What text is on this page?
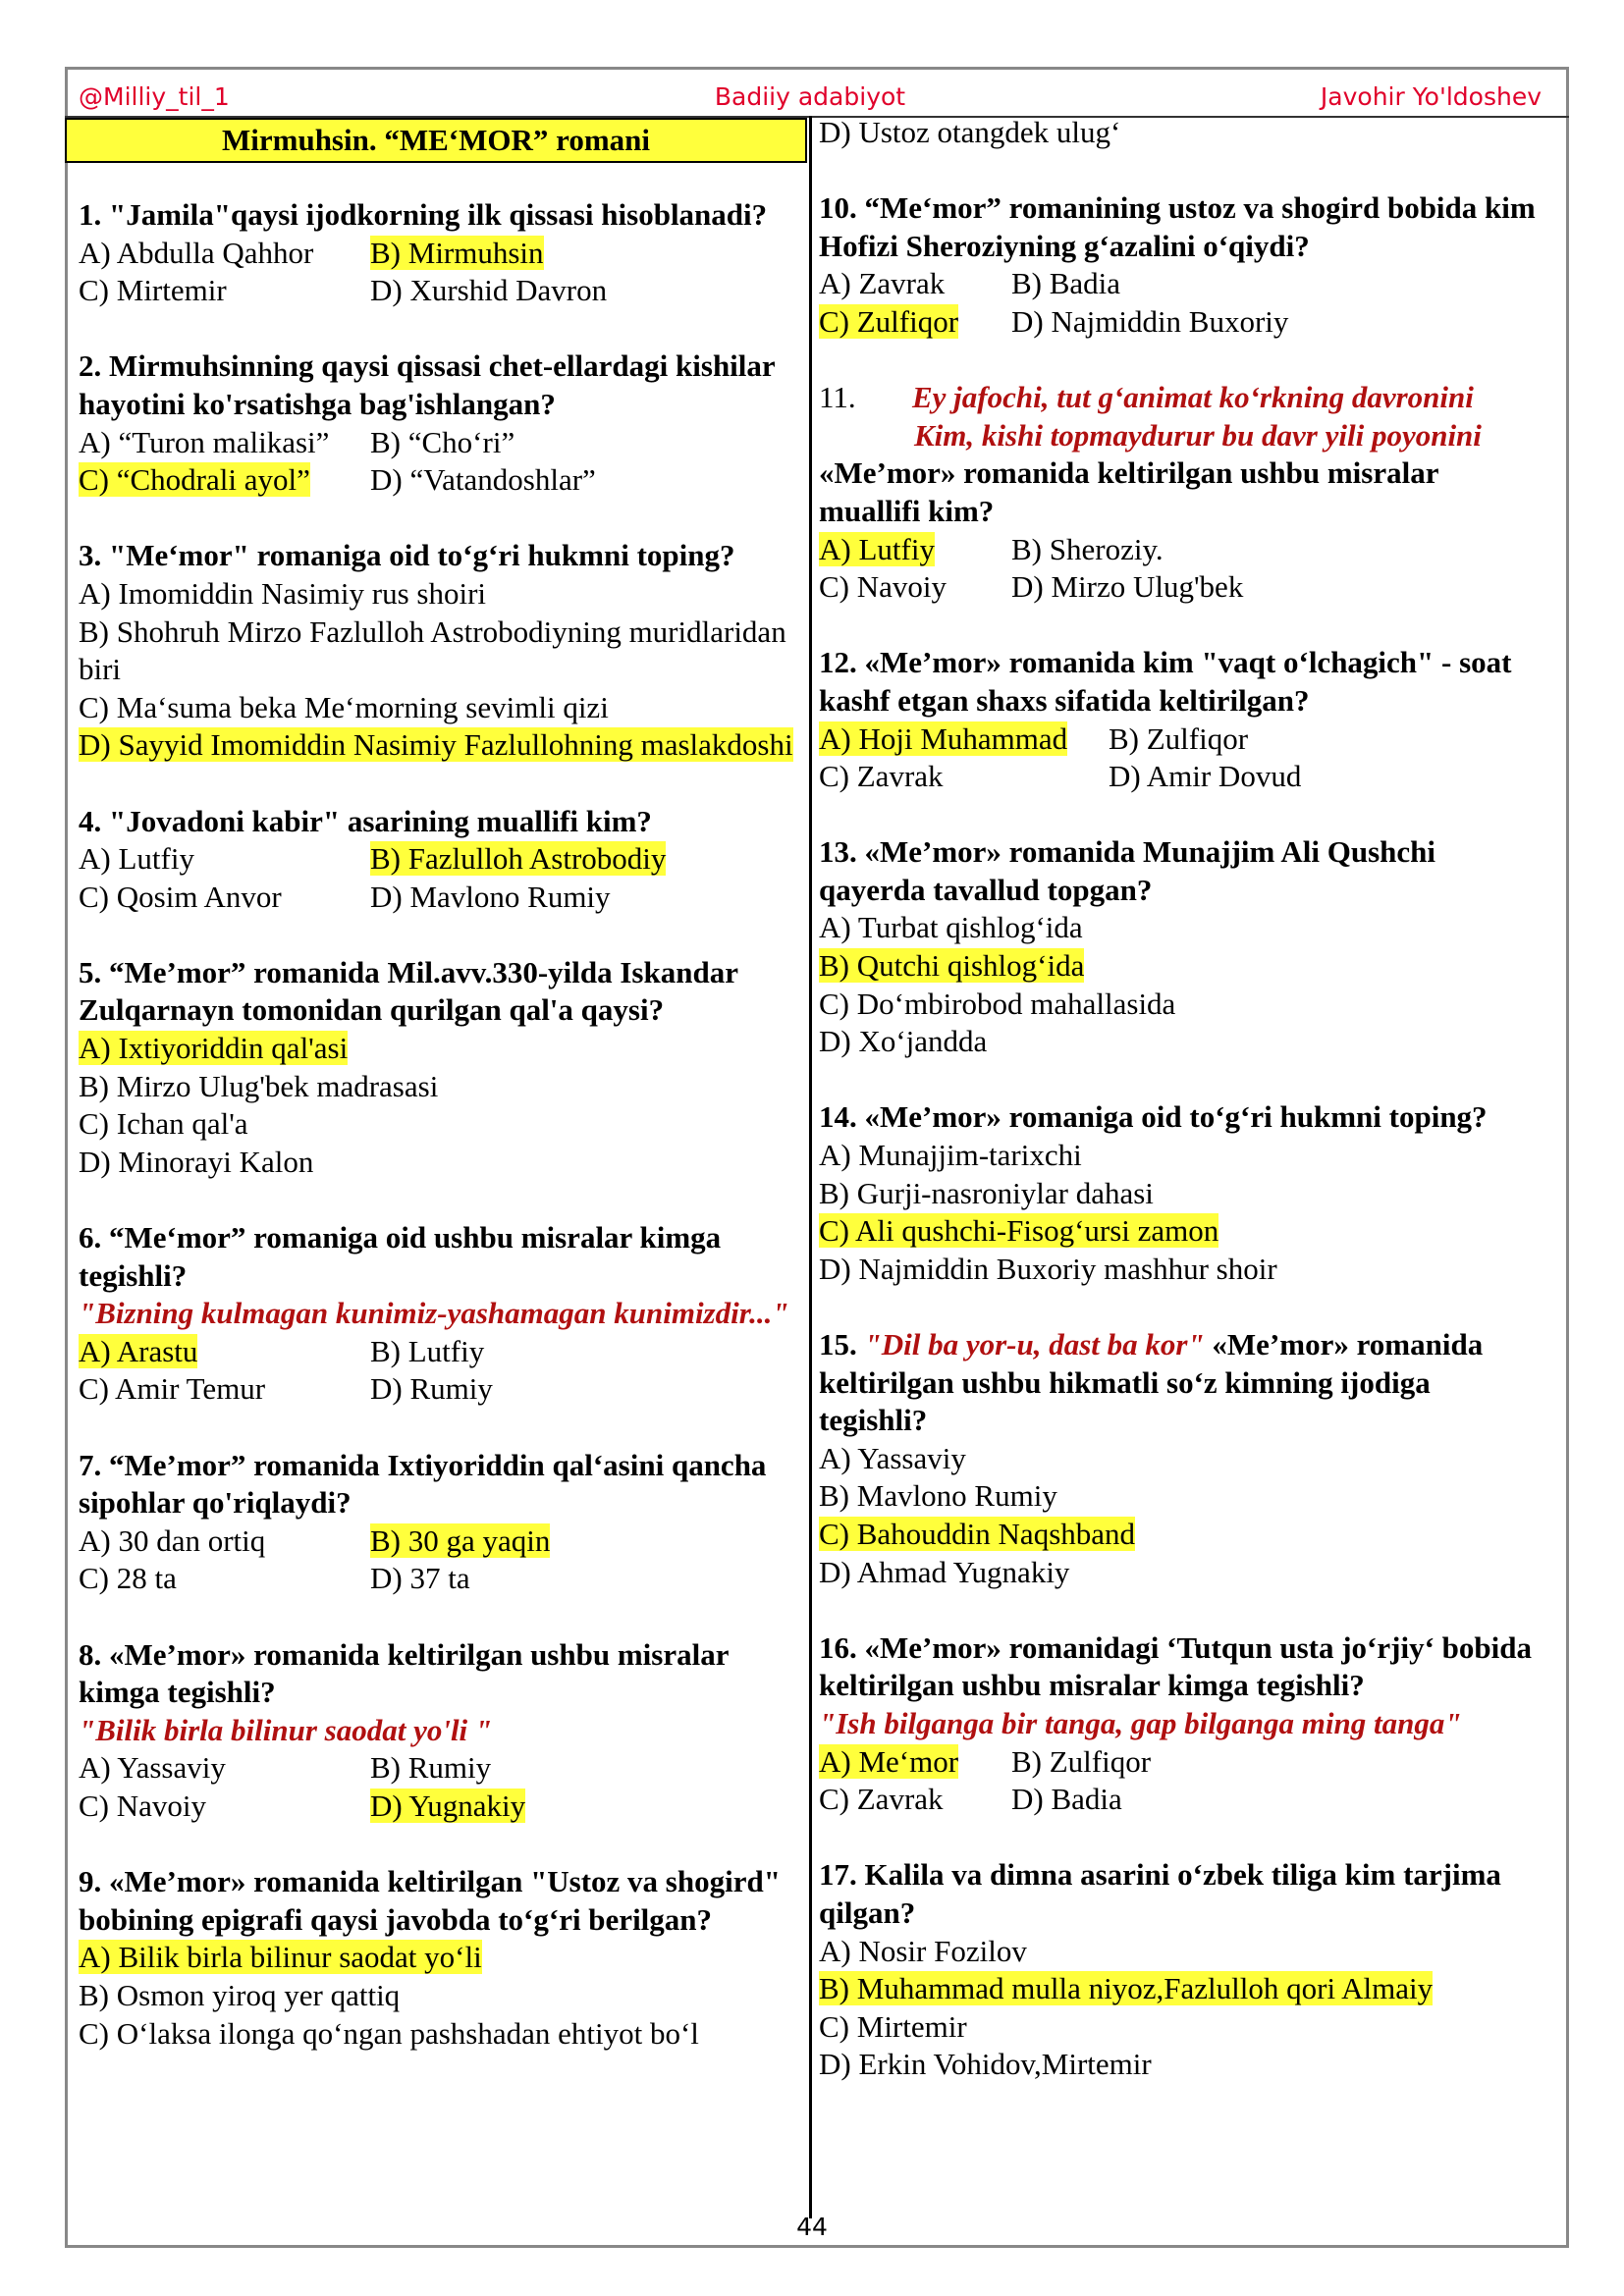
@Milliy_til_1	Badiiy adabiyot	Javohir Yo'ldoshev
Mirmuhsin. “ME‘MOR” romani
1. "Jamila"qaysi ijodkorning ilk qissasi hisoblanadi?
A) Abdulla Qahhor	B) Mirmuhsin
C) Mirtemir	D) Xurshid Davron
2. Mirmuhsinning qaysi qissasi chet-ellardagi kishilar hayotini ko'rsatishga bag'ishlangan?
A) “Turon malikasi”	B) “Cho‘ri”
C) “Chodrali ayol”	D) “Vatandoshlar”
3. "Me‘mor" romaniga oid to‘g‘ri hukmni toping?
A) Imomiddin Nasimiy rus shoiri
B) Shohruh Mirzo Fazlulloh Astrobodiyning muridlaridan biri
C) Ma‘suma beka Me‘morning sevimli qizi
D) Sayyid Imomiddin Nasimiy Fazlullohning maslakdoshi
4. "Jovadoni kabir" asarining muallifi kim?
A) Lutfiy	B) Fazlulloh Astrobodiy
C) Qosim Anvor	D) Mavlono Rumiy
5. “Me’mor” romanida Mil.avv.330-yilda Iskandar Zulqarnayn tomonidan qurilgan qal'a qaysi?
A) Ixtiyoriddin qal'asi
B) Mirzo Ulug'bek madrasasi
C) Ichan qal'a
D) Minorayi Kalon
6. “Me‘mor” romaniga oid ushbu misralar kimga tegishli?
"Bizning kulmagan kunimiz-yashamagan kunimizdir..."
A) Arastu	B) Lutfiy
C) Amir Temur	D) Rumiy
7. “Me’mor” romanida Ixtiyoriddin qal‘asini qancha sipohlar qo'riqlaydi?
A) 30 dan ortiq	B) 30 ga yaqin
C) 28 ta	D) 37 ta
8. «Me’mor» romanida keltirilgan ushbu misralar kimga tegishli?
"Bilik birla bilinur saodat yo'li "
A) Yassaviy	B) Rumiy
C) Navoiy	D) Yugnakiy
9. «Me’mor» romanida keltirilgan "Ustoz va shogird" bobining epigrafi qaysi javobda to‘g‘ri berilgan?
A) Bilik birla bilinur saodat yo‘li
B) Osmon yiroq yer qattiq
C) O‘laksa ilonga qo‘ngan pashshadan ehtiyot bo‘l
D) Ustoz otangdek ulug‘
10. “Me‘mor” romanining ustoz va shogird bobida kim Hofizi Sheroziyning g‘azalini o‘qiydi?
A) Zavrak	B) Badia
C) Zulfiqor	D) Najmiddin Buxoriy
11. Ey jafochi, tut g‘animat ko‘rkning davronini
Kim, kishi topmaydurur bu davr yili poyonini
«Me’mor» romanida keltirilgan ushbu misralar muallifi kim?
A) Lutfiy	B) Sheroziy.
C) Navoiy	D) Mirzo Ulug'bek
12. «Me’mor» romanida kim "vaqt o‘lchagich" - soat kashf etgan shaxs sifatida keltirilgan?
A) Hoji Muhammad	B) Zulfiqor
C) Zavrak	D) Amir Dovud
13. «Me’mor» romanida Munajjim Ali Qushchi qayerda tavallud topgan?
A) Turbat qishlog‘ida
B) Qutchi qishlog‘ida
C) Do‘mbirobod mahallasida
D) Xo‘jandda
14. «Me’mor» romaniga oid to‘g‘ri hukmni toping?
A) Munajjim-tarixchi
B) Gurji-nasroniylar dahasi
C) Ali qushchi-Fisog‘ursi zamon
D) Najmiddin Buxoriy mashhur shoir
15. "Dil ba yor-u, dast ba kor" «Me’mor» romanida keltirilgan ushbu hikmatli so‘z kimning ijodiga tegishli?
A) Yassaviy
B) Mavlono Rumiy
C) Bahouddin Naqshband
D) Ahmad Yugnakiy
16. «Me’mor» romanidagi ‘Tutqun usta jo‘rjiy‘ bobida keltirilgan ushbu misralar kimga tegishli?
"Ish bilganga bir tanga, gap bilganga ming tanga"
A) Me‘mor	B) Zulfiqor
C) Zavrak	D) Badia
17. Kalila va dimna asarini o‘zbek tiliga kim tarjima qilgan?
A) Nosir Fozilov
B) Muhammad mulla niyoz,Fazlulloh qori Almaiy
C) Mirtemir
D) Erkin Vohidov,Mirtemir
44
